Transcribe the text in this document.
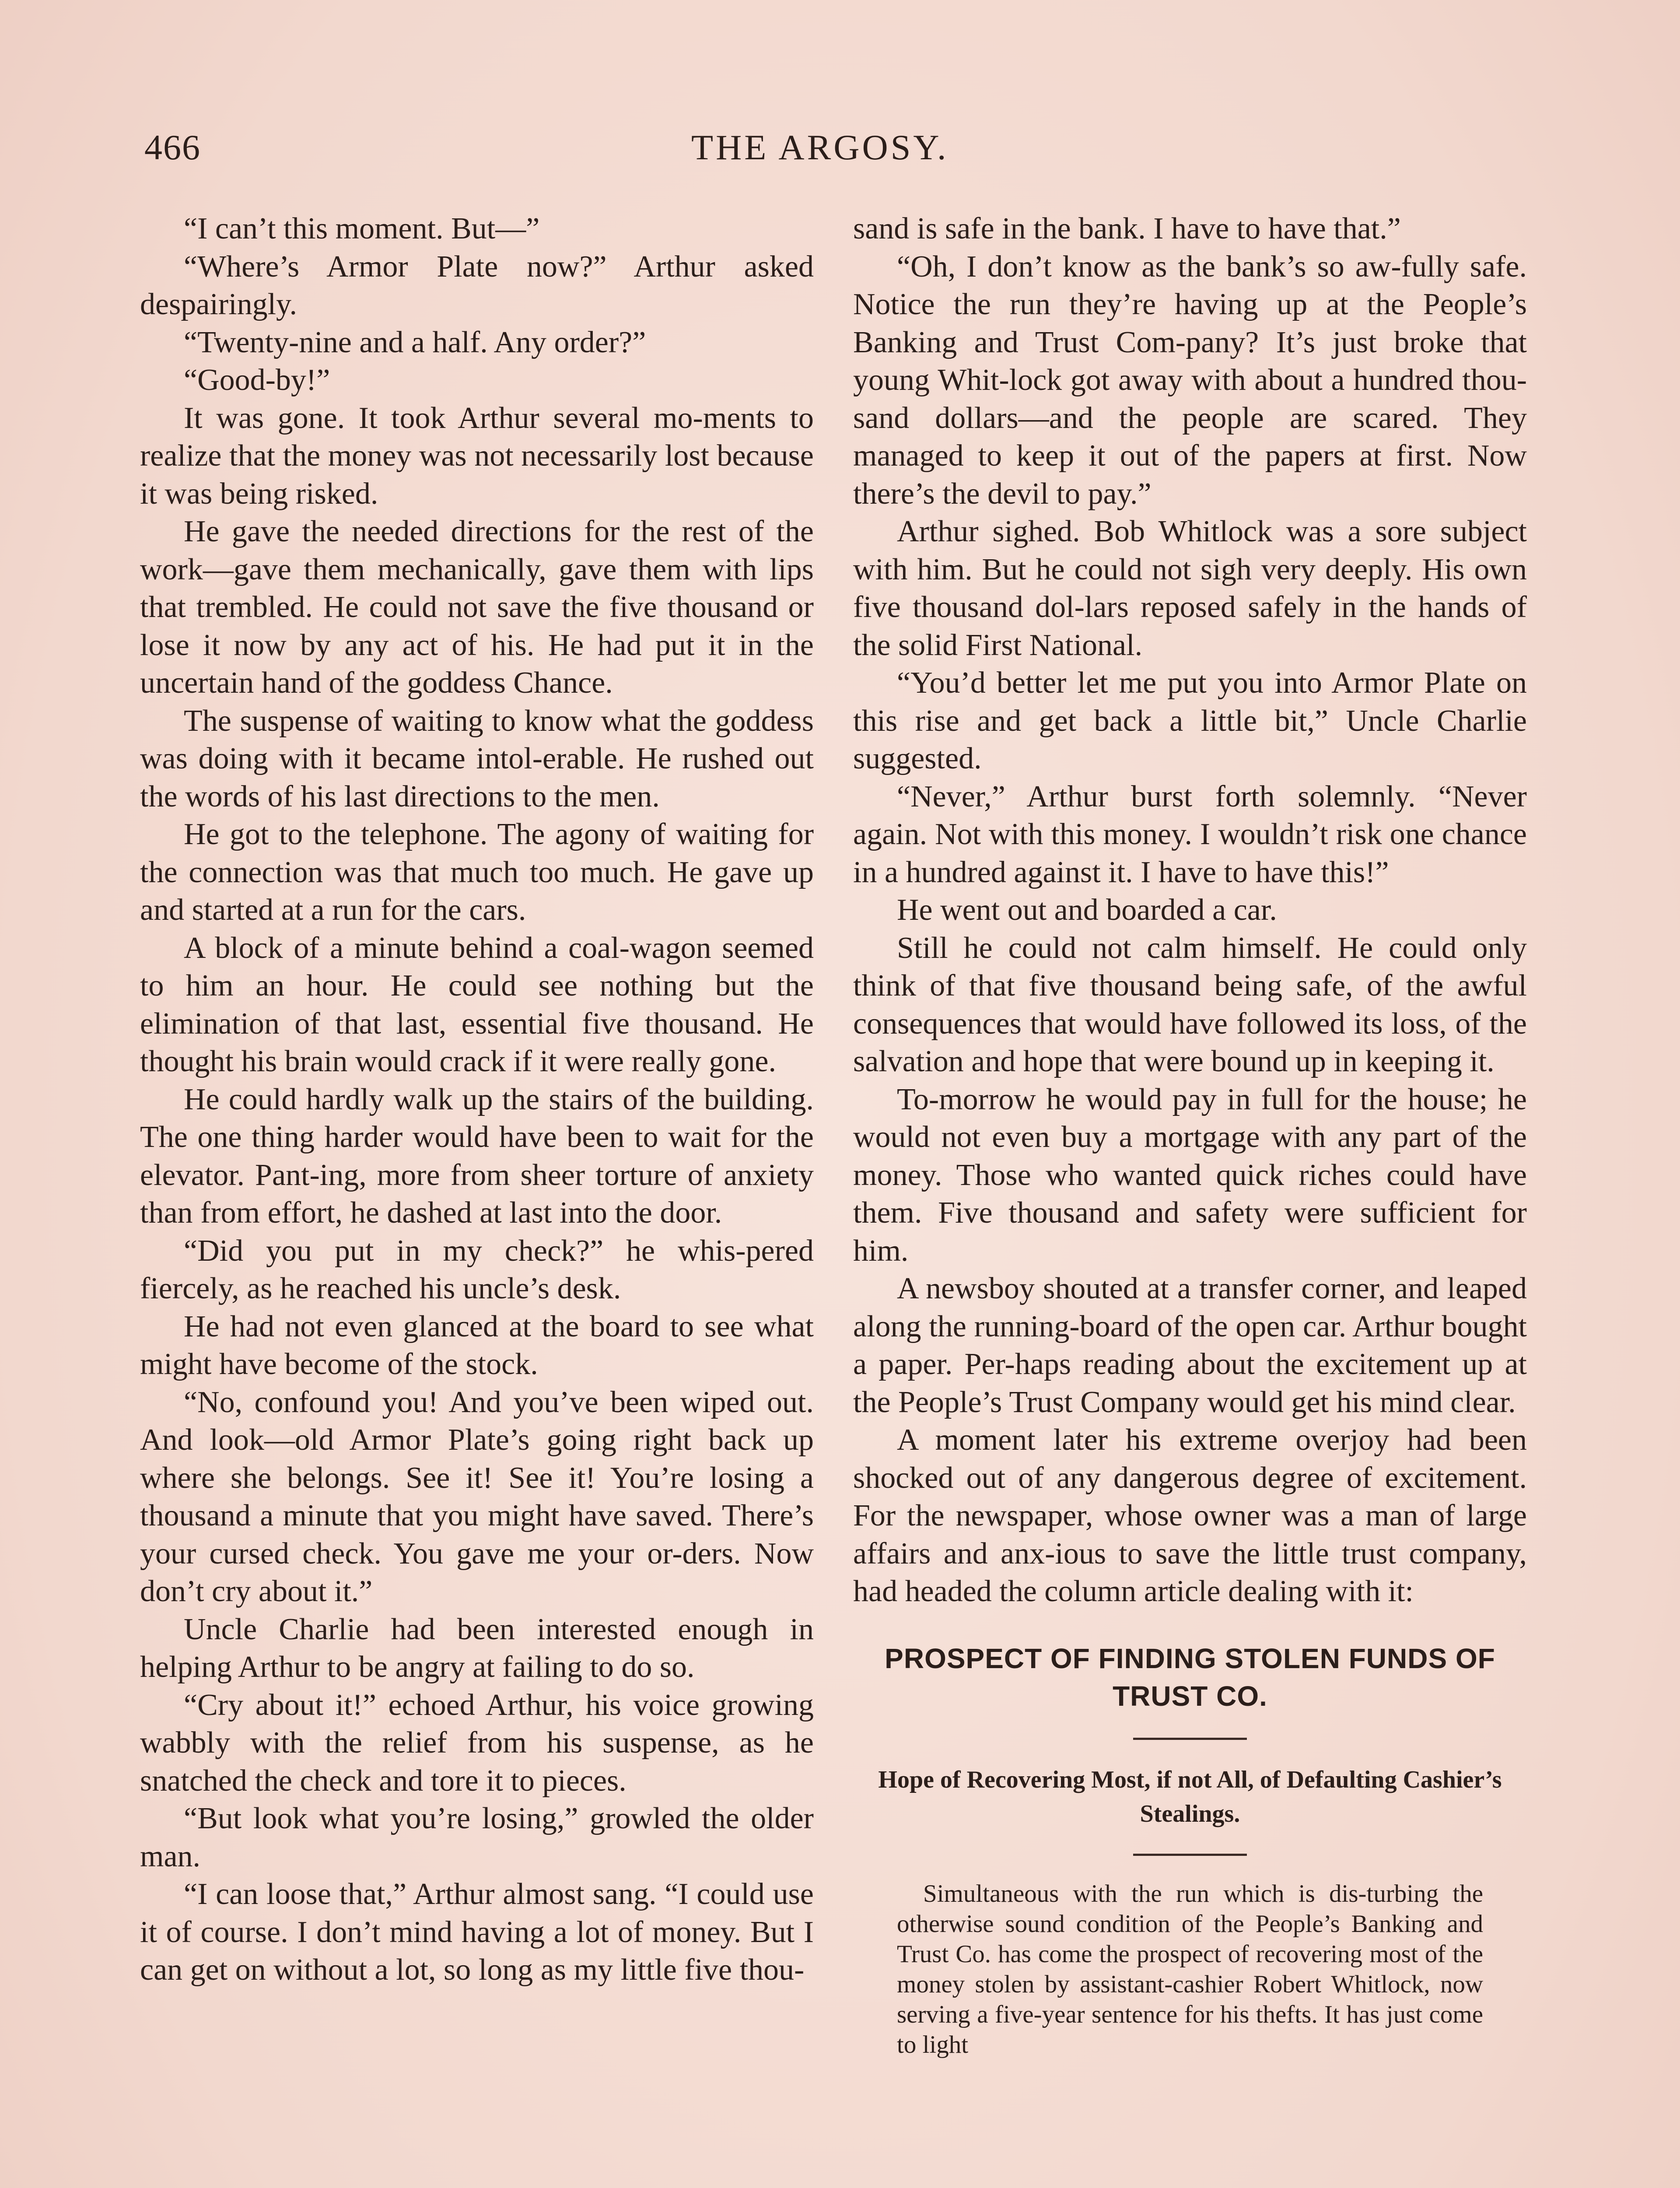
466	THE ARGOSY.

“I can’t this moment. But—”

“Where’s Armor Plate now?” Arthur asked despairingly.

“Twenty-nine and a half. Any order?”

“Good-by!”

It was gone. It took Arthur several mo-ments to realize that the money was not necessarily lost because it was being risked.

He gave the needed directions for the rest of the work—gave them mechanically, gave them with lips that trembled. He could not save the five thousand or lose it now by any act of his. He had put it in the uncertain hand of the goddess Chance.

The suspense of waiting to know what the goddess was doing with it became intol-erable. He rushed out the words of his last directions to the men.

He got to the telephone. The agony of waiting for the connection was that much too much. He gave up and started at a run for the cars.

A block of a minute behind a coal-wagon seemed to him an hour. He could see nothing but the elimination of that last, essential five thousand. He thought his brain would crack if it were really gone.

He could hardly walk up the stairs of the building. The one thing harder would have been to wait for the elevator. Pant-ing, more from sheer torture of anxiety than from effort, he dashed at last into the door.

“Did you put in my check?” he whis-pered fiercely, as he reached his uncle’s desk.

He had not even glanced at the board to see what might have become of the stock.

“No, confound you! And you’ve been wiped out. And look—old Armor Plate’s going right back up where she belongs. See it! See it! You’re losing a thousand a minute that you might have saved. There’s your cursed check. You gave me your or-ders. Now don’t cry about it.”

Uncle Charlie had been interested enough in helping Arthur to be angry at failing to do so.

“Cry about it!” echoed Arthur, his voice growing wabbly with the relief from his suspense, as he snatched the check and tore it to pieces.

“But look what you’re losing,” growled the older man.

“I can loose that,” Arthur almost sang. “I could use it of course. I don’t mind having a lot of money. But I can get on without a lot, so long as my little five thou-

sand is safe in the bank. I have to have that.”

“Oh, I don’t know as the bank’s so aw-fully safe. Notice the run they’re having up at the People’s Banking and Trust Com-pany? It’s just broke that young Whit-lock got away with about a hundred thou-sand dollars—and the people are scared. They managed to keep it out of the papers at first. Now there’s the devil to pay.”

Arthur sighed. Bob Whitlock was a sore subject with him. But he could not sigh very deeply. His own five thousand dol-lars reposed safely in the hands of the solid First National.

“You’d better let me put you into Armor Plate on this rise and get back a little bit,” Uncle Charlie suggested.

“Never,” Arthur burst forth solemnly. “Never again. Not with this money. I wouldn’t risk one chance in a hundred against it. I have to have this!”

He went out and boarded a car.

Still he could not calm himself. He could only think of that five thousand being safe, of the awful consequences that would have followed its loss, of the salvation and hope that were bound up in keeping it.

To-morrow he would pay in full for the house; he would not even buy a mortgage with any part of the money. Those who wanted quick riches could have them. Five thousand and safety were sufficient for him.

A newsboy shouted at a transfer corner, and leaped along the running-board of the open car. Arthur bought a paper. Per-haps reading about the excitement up at the People’s Trust Company would get his mind clear.

A moment later his extreme overjoy had been shocked out of any dangerous degree of excitement. For the newspaper, whose owner was a man of large affairs and anx-ious to save the little trust company, had headed the column article dealing with it:

PROSPECT OF FINDING STOLEN FUNDS OF TRUST CO.
Hope of Recovering Most, if not All, of Defaulting Cashier’s Stealings.

Simultaneous with the run which is dis-turbing the otherwise sound condition of the People’s Banking and Trust Co. has come the prospect of recovering most of the money stolen by assistant-cashier Robert Whitlock, now serving a five-year sentence for his thefts. It has just come to light
